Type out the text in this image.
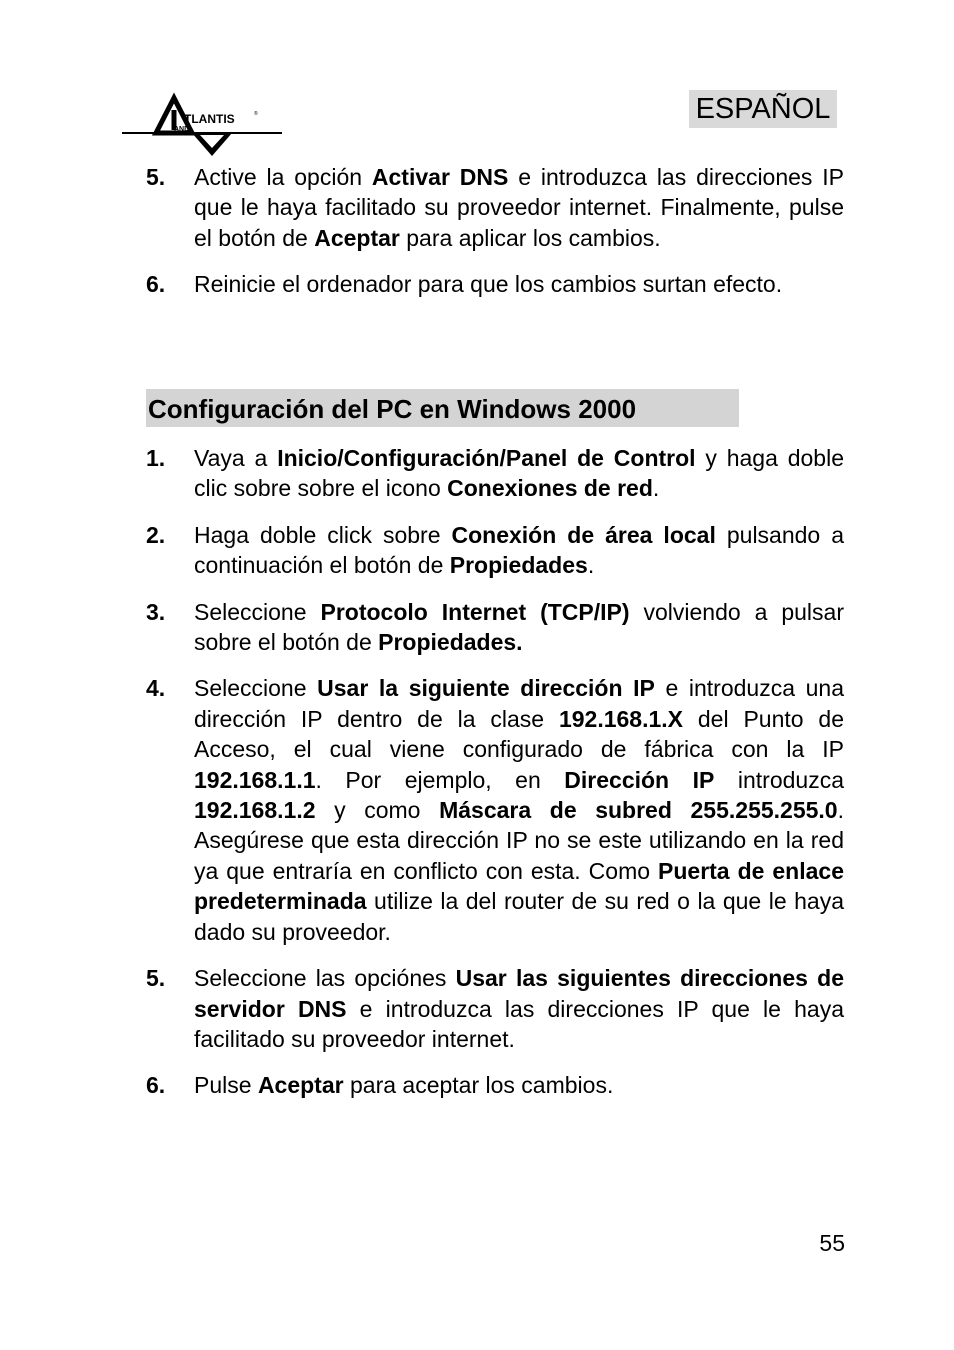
TLANTIS	®
AND
ESPAÑOL
5.	Active la opción Activar DNS e introduzca las direcciones IP que le haya facilitado su proveedor internet. Finalmente, pulse el botón de Aceptar para aplicar los cambios.
6.	Reinicie el ordenador para que los cambios surtan efecto.
Configuración del PC en Windows 2000
1.	Vaya a Inicio/Configuración/Panel de Control y haga doble clic sobre sobre el icono Conexiones de red.
2.	Haga doble click sobre Conexión de área local pulsando a continuación el botón de Propiedades.
3.	Seleccione Protocolo Internet (TCP/IP) volviendo a pulsar sobre el botón de Propiedades.
4.	Seleccione Usar la siguiente dirección IP e introduzca una dirección IP dentro de la clase 192.168.1.X del Punto de Acceso, el cual viene configurado de fábrica con la IP 192.168.1.1. Por ejemplo, en Dirección IP introduzca 192.168.1.2 y como Máscara de subred 255.255.255.0. Asegúrese que esta dirección IP no se este utilizando en la red ya que entraría en conflicto con esta. Como Puerta de enlace predeterminada utilize la del router de su red o la que le haya dado su proveedor.
5.	Seleccione las opciónes Usar las siguientes direcciones de servidor DNS e introduzca las direcciones IP que le haya facilitado su proveedor internet.
6.	Pulse Aceptar para aceptar los cambios.
55
